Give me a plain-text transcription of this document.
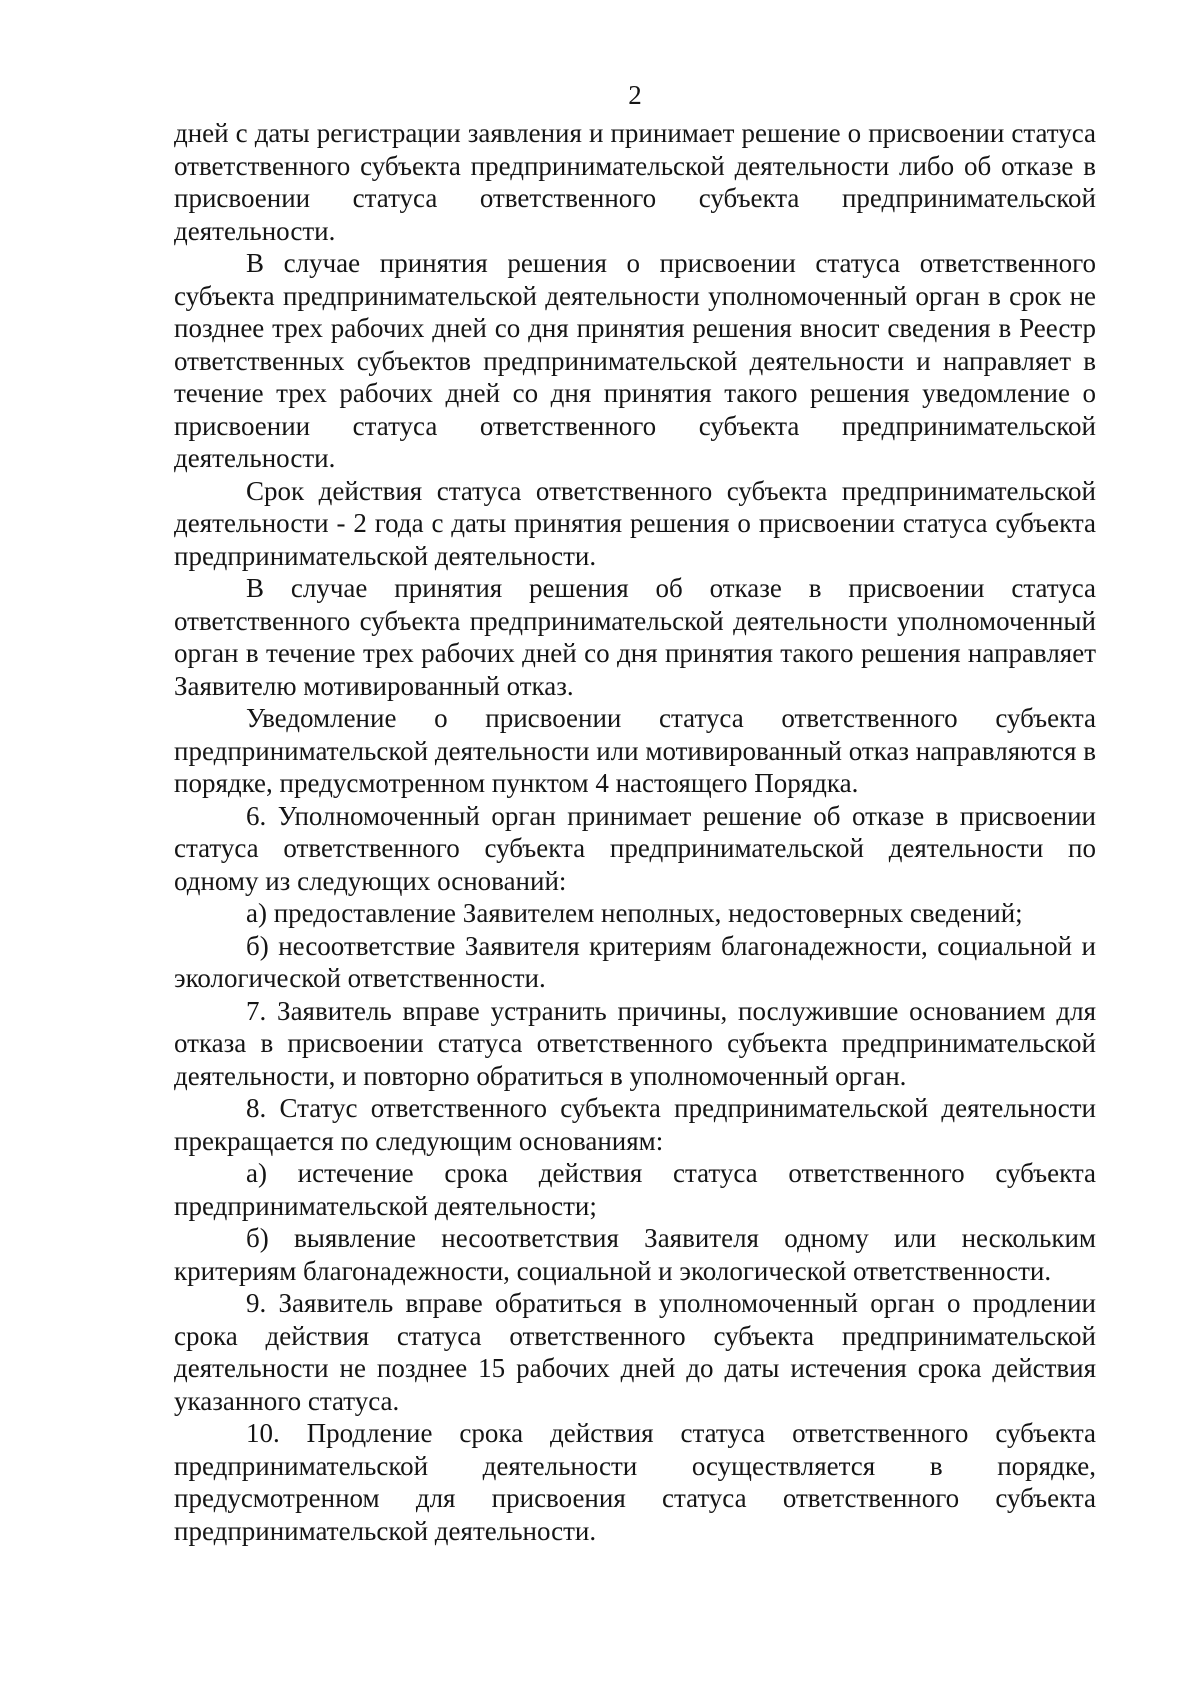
2

дней с даты регистрации заявления и принимает решение о присвоении статуса ответственного субъекта предпринимательской деятельности либо об отказе в присвоении статуса ответственного субъекта предпринимательской деятельности.

В случае принятия решения о присвоении статуса ответственного субъекта предпринимательской деятельности уполномоченный орган в срок не позднее трех рабочих дней со дня принятия решения вносит сведения в Реестр ответственных субъектов предпринимательской деятельности и направляет в течение трех рабочих дней со дня принятия такого решения уведомление о присвоении статуса ответственного субъекта предпринимательской деятельности.

Срок действия статуса ответственного субъекта предпринимательской деятельности - 2 года с даты принятия решения о присвоении статуса субъекта предпринимательской деятельности.

В случае принятия решения об отказе в присвоении статуса ответственного субъекта предпринимательской деятельности уполномоченный орган в течение трех рабочих дней со дня принятия такого решения направляет Заявителю мотивированный отказ.

Уведомление о присвоении статуса ответственного субъекта предпринимательской деятельности или мотивированный отказ направляются в порядке, предусмотренном пунктом 4 настоящего Порядка.

6. Уполномоченный орган принимает решение об отказе в присвоении статуса ответственного субъекта предпринимательской деятельности по одному из следующих оснований:

а) предоставление Заявителем неполных, недостоверных сведений;

б) несоответствие Заявителя критериям благонадежности, социальной и экологической ответственности.

7. Заявитель вправе устранить причины, послужившие основанием для отказа в присвоении статуса ответственного субъекта предпринимательской деятельности, и повторно обратиться в уполномоченный орган.

8. Статус ответственного субъекта предпринимательской деятельности прекращается по следующим основаниям:

а) истечение срока действия статуса ответственного субъекта предпринимательской деятельности;

б) выявление несоответствия Заявителя одному или нескольким критериям благонадежности, социальной и экологической ответственности.

9. Заявитель вправе обратиться в уполномоченный орган о продлении срока действия статуса ответственного субъекта предпринимательской деятельности не позднее 15 рабочих дней до даты истечения срока действия указанного статуса.

10. Продление срока действия статуса ответственного субъекта предпринимательской деятельности осуществляется в порядке, предусмотренном для присвоения статуса ответственного субъекта предпринимательской деятельности.
